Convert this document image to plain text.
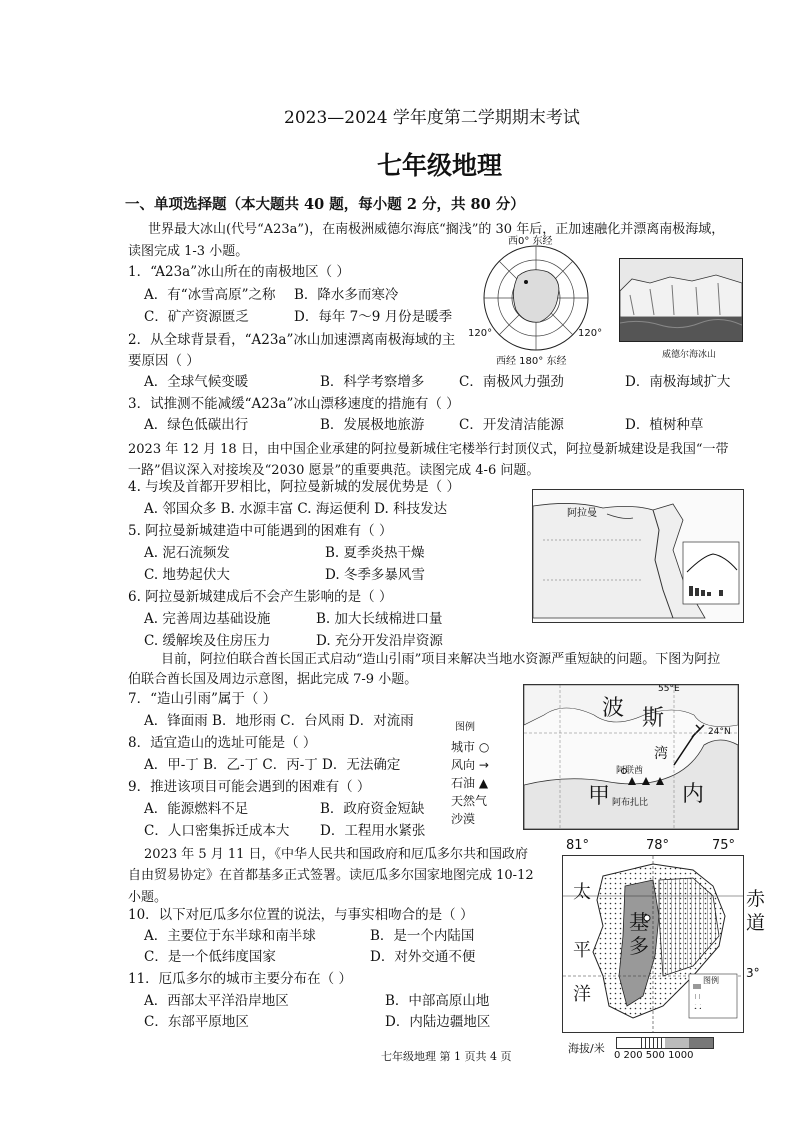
2023—2024 学年度第二学期期末考试
七年级地理
一、单项选择题（本大题共 40 题，每小题 2 分，共 80 分）
世界最大冰山(代号“A23a”)，在南极洲威德尔海底“搁浅”的 30 年后，正加速融化并漂离南极海域，
读图完成 1-3 小题。
1．“A23a”冰山所在的南极地区（ ）
A．有“冰雪高原”之称 B．降水多而寒冷
C．矿产资源匮乏	D．每年 7～9 月份是暖季
2．从全球背景看，“A23a”冰山加速漂离南极海域的主
要原因（ ）
A．全球气候变暖	B．科学考察增多	C．南极风力强劲	D．南极海域扩大
3．试推测不能减缓“A23a”冰山漂移速度的措施有（ ）
A．绿色低碳出行	B．发展极地旅游	C．开发清洁能源	D．植树种草
西0° 东经
西经 180° 东经
120°	120°
威德尔海冰山
2023 年 12 月 18 日，由中国企业承建的阿拉曼新城住宅楼举行封顶仪式，阿拉曼新城建设是我国“一带
一路”倡议深入对接埃及“2030 愿景”的重要典范。读图完成 4-6 问题。
4. 与埃及首都开罗相比，阿拉曼新城的发展优势是（ ）
A. 邻国众多 B. 水源丰富 C. 海运便利 D. 科技发达
5. 阿拉曼新城建造中可能遇到的困难有（ ）
A. 泥石流频发	B. 夏季炎热干燥
C. 地势起伏大	D. 冬季多暴风雪
6. 阿拉曼新城建成后不会产生影响的是（ ）
A. 完善周边基础设施	B. 加大长绒棉进口量
C. 缓解埃及住房压力	D. 充分开发沿岸资源
阿拉曼
目前，阿拉伯联合酋长国正式启动“造山引雨”项目来解决当地水资源严重短缺的问题。下图为阿拉
伯联合酋长国及周边示意图，据此完成 7-9 小题。
7．“造山引雨”属于（ ）
A．锋面雨 B．地形雨 C．台风雨 D．对流雨
8．适宜造山的选址可能是（ ）
A．甲-丁 B．乙-丁 C．丙-丁 D．无法确定
9．推进该项目可能会遇到的困难有（ ）
A．能源燃料不足	B．政府资金短缺
C．人口密集拆迁成本大 D．工程用水紧张
图例
城市 ○
风向 →
石油 ▲
天然气
沙漠
波 斯
湾
内
甲
55°E
24°N
阿联酋
阿布扎比
2023 年 5 月 11 日，《中华人民共和国政府和厄瓜多尔共和国政府
自由贸易协定》在首都基多正式签署。读厄瓜多尔国家地图完成 10-12
小题。
10．以下对厄瓜多尔位置的说法，与事实相吻合的是（ ）
A．主要位于东半球和南半球	B．是一个内陆国
C．是一个低纬度国家	D．对外交通不便
11．厄瓜多尔的城市主要分布在（ ）
A．西部太平洋沿岸地区	B．中部高原山地
C．东部平原地区	D．内陆边疆地区
81°	78°	75°
太
平
洋
基
多
图例
赤
道
3°
海拔/米
0 200 500 1000
七年级地理 第 1 页共 4 页
